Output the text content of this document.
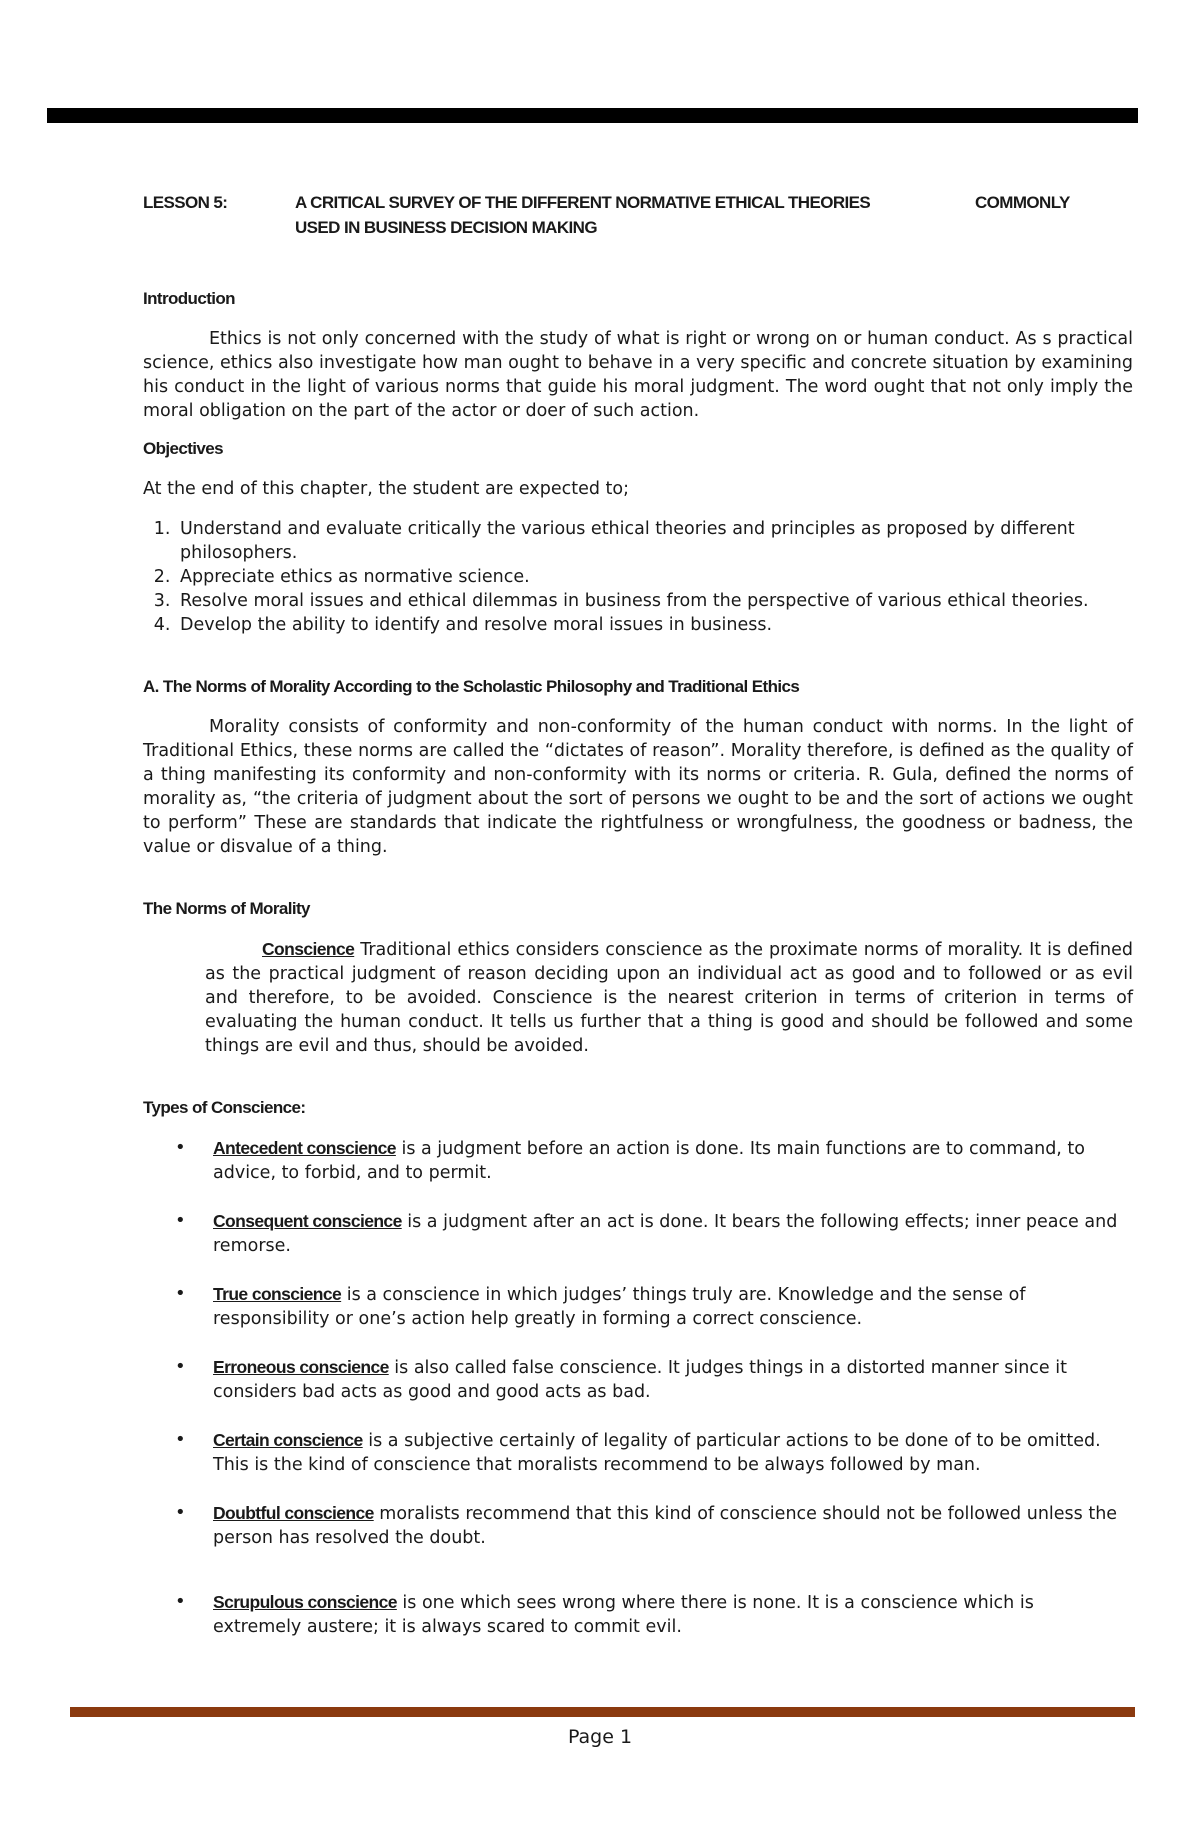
LESSON 5:	A CRITICAL SURVEY OF THE DIFFERENT NORMATIVE ETHICAL THEORIES	COMMONLY
USED IN BUSINESS DECISION MAKING
Introduction

Ethics is not only concerned with the study of what is right or wrong on or human conduct. As s practical science, ethics also investigate how man ought to behave in a very specific and concrete situation by examining his conduct in the light of various norms that guide his moral judgment. The word ought that not only imply the moral obligation on the part of the actor or doer of such action.

Objectives

At the end of this chapter, the student are expected to;

1. Understand and evaluate critically the various ethical theories and principles as proposed by different philosophers.
2. Appreciate ethics as normative science.
3. Resolve moral issues and ethical dilemmas in business from the perspective of various ethical theories.
4. Develop the ability to identify and resolve moral issues in business.
A. The Norms of Morality According to the Scholastic Philosophy and Traditional Ethics

Morality consists of conformity and non-conformity of the human conduct with norms. In the light of Traditional Ethics, these norms are called the “dictates of reason”. Morality therefore, is defined as the quality of a thing manifesting its conformity and non-conformity with its norms or criteria. R. Gula, defined the norms of morality as, “the criteria of judgment about the sort of persons we ought to be and the sort of actions we ought to perform” These are standards that indicate the rightfulness or wrongfulness, the goodness or badness, the value or disvalue of a thing.

The Norms of Morality

Conscience Traditional ethics considers conscience as the proximate norms of morality. It is defined as the practical judgment of reason deciding upon an individual act as good and to followed or as evil and therefore, to be avoided. Conscience is the nearest criterion in terms of criterion in terms of evaluating the human conduct. It tells us further that a thing is good and should be followed and some things are evil and thus, should be avoided.

Types of Conscience:
• Antecedent conscience is a judgment before an action is done. Its main functions are to command, to advice, to forbid, and to permit.
• Consequent conscience is a judgment after an act is done. It bears the following effects; inner peace and remorse.
• True conscience is a conscience in which judges’ things truly are. Knowledge and the sense of responsibility or one’s action help greatly in forming a correct conscience.
• Erroneous conscience is also called false conscience. It judges things in a distorted manner since it considers bad acts as good and good acts as bad.
• Certain conscience is a subjective certainly of legality of particular actions to be done of to be omitted. This is the kind of conscience that moralists recommend to be always followed by man.
• Doubtful conscience moralists recommend that this kind of conscience should not be followed unless the person has resolved the doubt.
• Scrupulous conscience is one which sees wrong where there is none. It is a conscience which is extremely austere; it is always scared to commit evil.
Page 1
